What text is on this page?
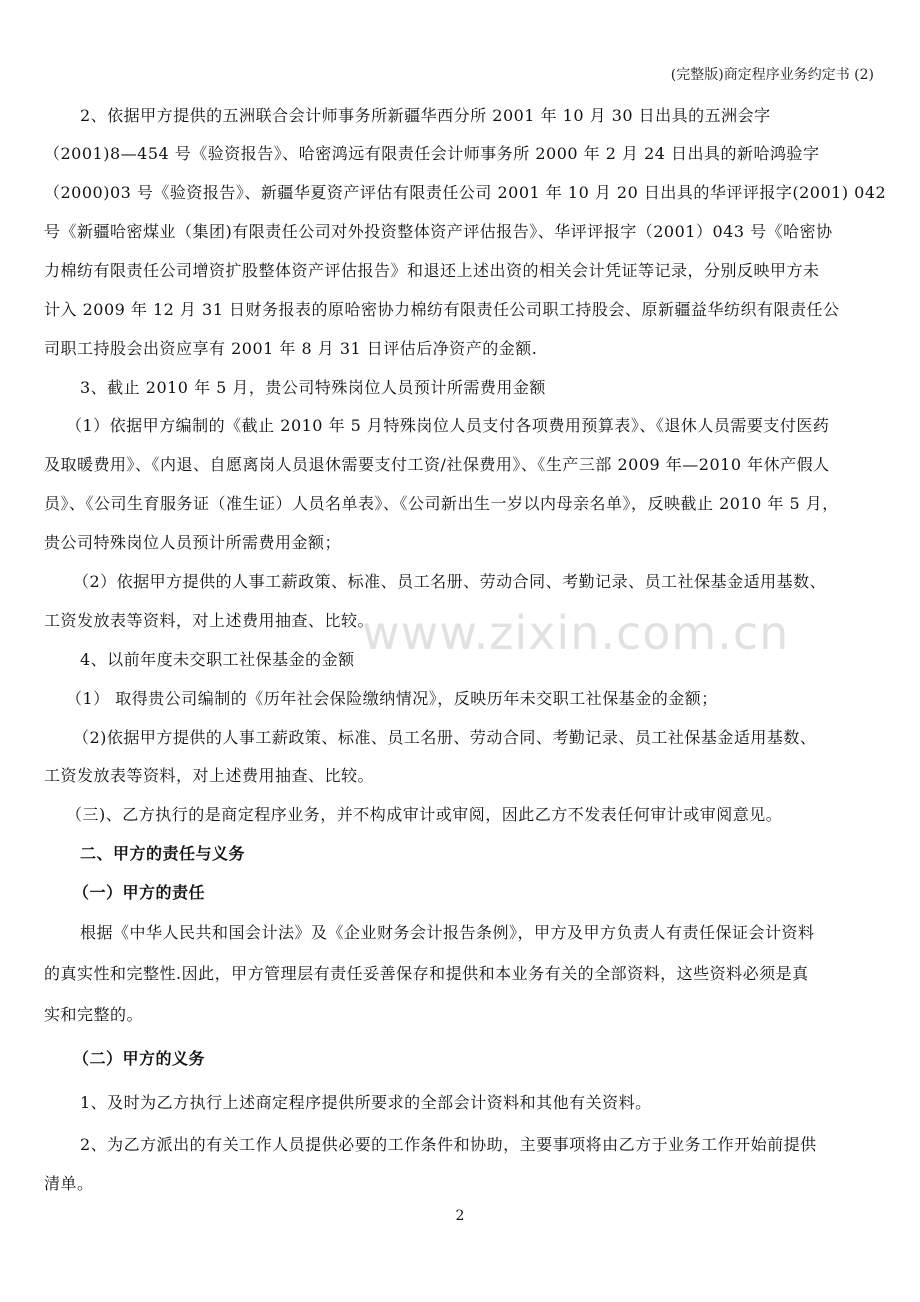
(完整版)商定程序业务约定书 (2)
2、依据甲方提供的五洲联合会计师事务所新疆华西分所 2001 年 10 月 30 日出具的五洲会字
（2001)8—454 号《验资报告》、哈密鸿远有限责任会计师事务所 2000 年 2 月 24 日出具的新哈鸿验字
（2000)03 号《验资报告》、新疆华夏资产评估有限责任公司 2001 年 10 月 20 日出具的华评评报字(2001) 042
号《新疆哈密煤业（集团)有限责任公司对外投资整体资产评估报告》、华评评报字（2001）043 号《哈密协
力棉纺有限责任公司增资扩股整体资产评估报告》和退还上述出资的相关会计凭证等记录，分别反映甲方未
计入 2009 年 12 月 31 日财务报表的原哈密协力棉纺有限责任公司职工持股会、原新疆益华纺织有限责任公
司职工持股会出资应享有 2001 年 8 月 31 日评估后净资产的金额.
3、截止 2010 年 5 月，贵公司特殊岗位人员预计所需费用金额
（1）依据甲方编制的《截止 2010 年 5 月特殊岗位人员支付各项费用预算表》、《退休人员需要支付医药
及取暖费用》、《内退、自愿离岗人员退休需要支付工资/社保费用》、《生产三部 2009 年—2010 年休产假人
员》、《公司生育服务证（准生证）人员名单表》、《公司新出生一岁以内母亲名单》，反映截止 2010 年 5 月，
贵公司特殊岗位人员预计所需费用金额；
（2）依据甲方提供的人事工薪政策、标准、员工名册、劳动合同、考勤记录、员工社保基金适用基数、
工资发放表等资料，对上述费用抽查、比较。
4、以前年度未交职工社保基金的金额
（1） 取得贵公司编制的《历年社会保险缴纳情况》，反映历年未交职工社保基金的金额；
（2)依据甲方提供的人事工薪政策、标准、员工名册、劳动合同、考勤记录、员工社保基金适用基数、
工资发放表等资料，对上述费用抽查、比较。
（三)、乙方执行的是商定程序业务，并不构成审计或审阅，因此乙方不发表任何审计或审阅意见。
二、甲方的责任与义务
（一）甲方的责任
根据《中华人民共和国会计法》及《企业财务会计报告条例》，甲方及甲方负责人有责任保证会计资料
的真实性和完整性.因此，甲方管理层有责任妥善保存和提供和本业务有关的全部资料，这些资料必须是真
实和完整的。
（二）甲方的义务
1、及时为乙方执行上述商定程序提供所要求的全部会计资料和其他有关资料。
2、为乙方派出的有关工作人员提供必要的工作条件和协助，主要事项将由乙方于业务工作开始前提供
清单。
www.zixin.com.cn
2
